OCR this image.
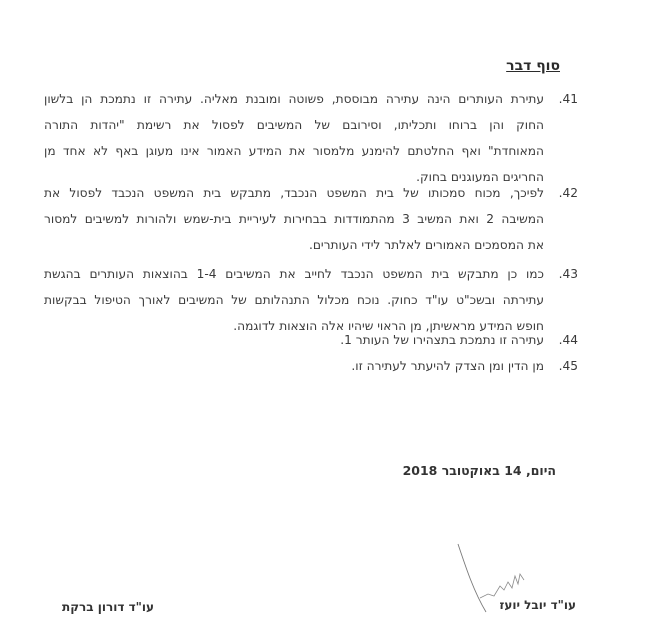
סוף דבר
41.
עתירת העותרים הינה עתירה מבוססת, פשוטה ומובנת מאליה. עתירה זו נתמכת הן בלשון
החוק והן ברוחו ותכליתו, וסירובם של המשיבים לפסול את רשימת "יהדות התורה
המאוחדת" ואף החלטתם להימנע מלמסור את המידע האמור אינו מעוגן באף לא אחד מן
החריגים המעוגנים בחוק.
42.
לפיכך, מכוח סמכותו של בית המשפט הנכבד, מתבקש בית המשפט הנכבד לפסול את
המשיבה 2 ואת המשיב 3 מהתמודדות בבחירות לעיריית בית-שמש ולהורות למשיבים למסור
את המסמכים האמורים לאלתר לידי העותרים.
43.
כמו כן מתבקש בית המשפט הנכבד לחייב את המשיבים 1-4 בהוצאות העותרים בהגשת
עתירתה ובשכ"ט עו"ד כחוק. נוכח מכלול התנהלותם של המשיבים לאורך הטיפול בבקשות
חופש המידע מראשיתן, מן הראוי שיהיו אלה הוצאות לדוגמה.
44.
עתירה זו נתמכת בתצהירו של העותר 1.
45.
מן הדין ומן הצדק להיעתר לעתירה זו.
היום, 14 באוקטובר 2018
עו"ד יובל יועז
עו"ד דורון ברקת
